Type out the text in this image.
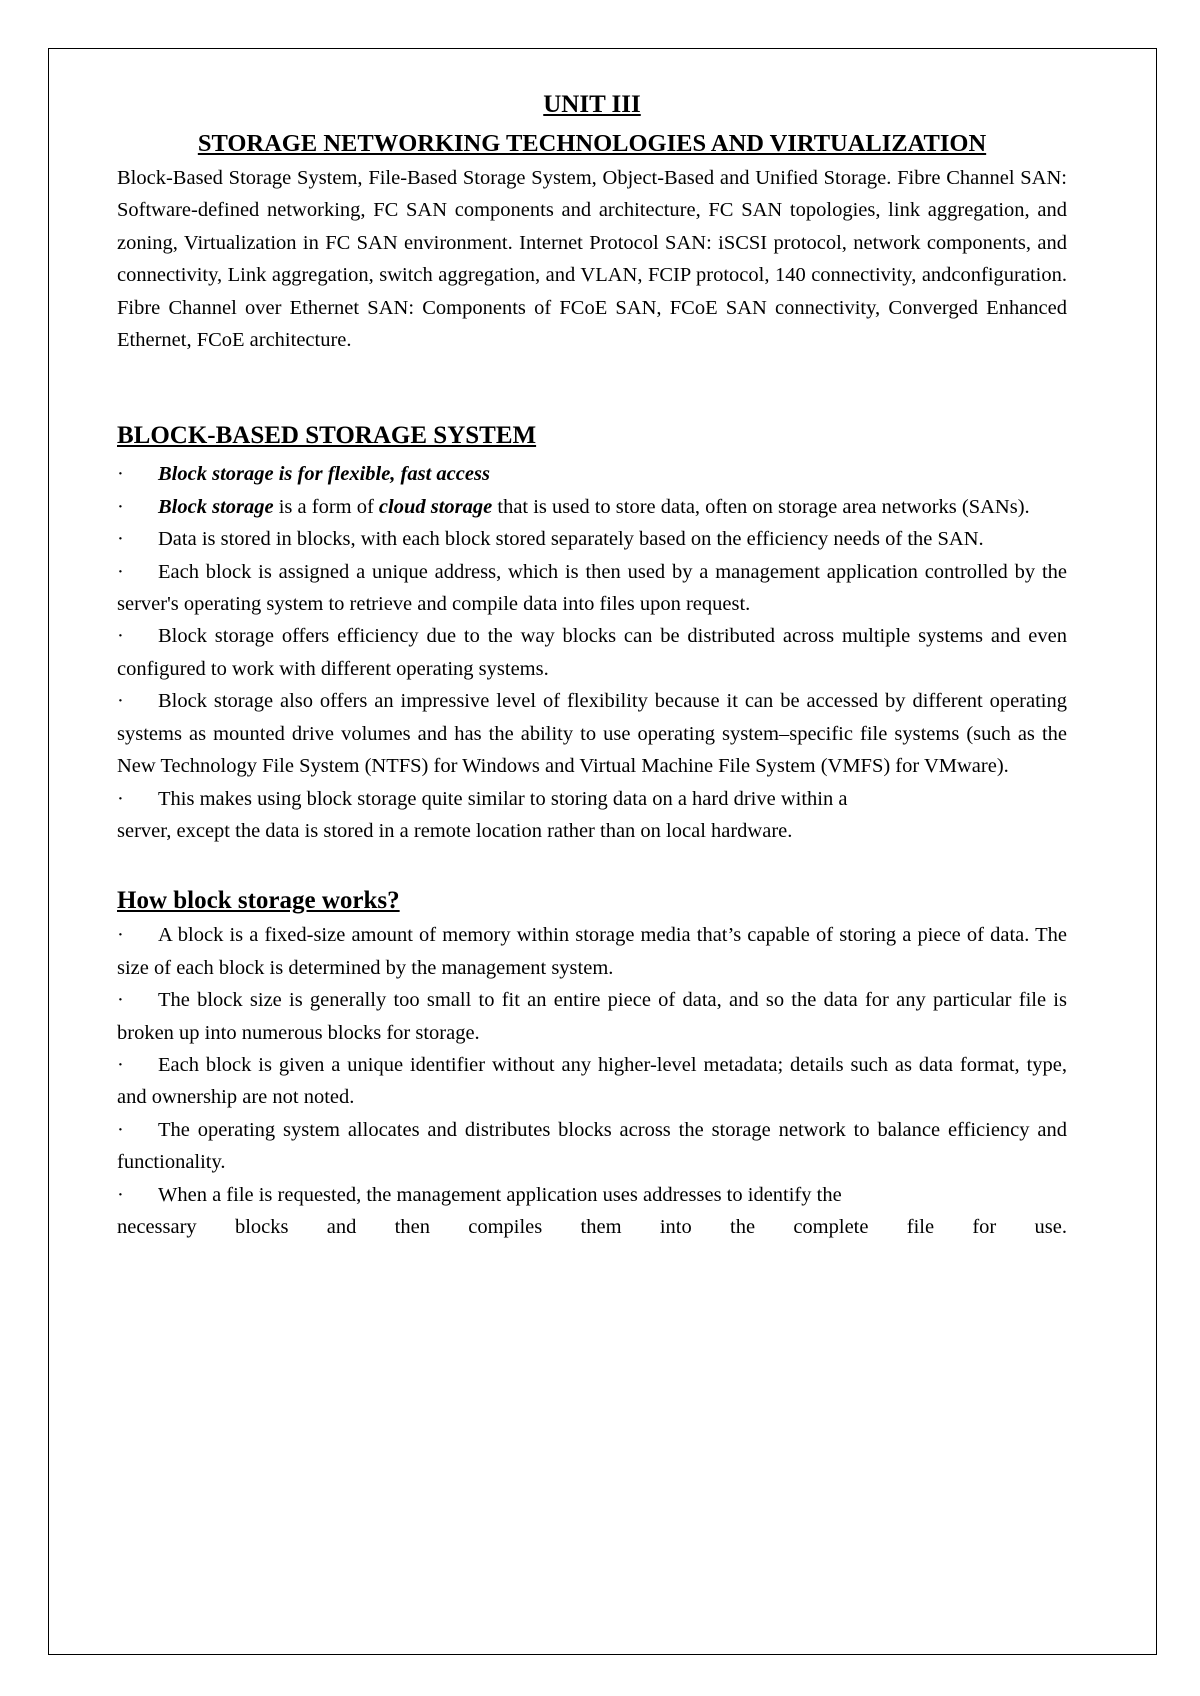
UNIT III
STORAGE NETWORKING TECHNOLOGIES AND VIRTUALIZATION

Block-Based Storage System, File-Based Storage System, Object-Based and Unified Storage. Fibre Channel SAN: Software-defined networking, FC SAN components and architecture, FC SAN topologies, link aggregation, and zoning, Virtualization in FC SAN environment. Internet Protocol SAN: iSCSI protocol, network components, and connectivity, Link aggregation, switch aggregation, and VLAN, FCIP protocol, 140 connectivity, andconfiguration. Fibre Channel over Ethernet SAN: Components of FCoE SAN, FCoE SAN connectivity, Converged Enhanced Ethernet, FCoE architecture.

BLOCK-BASED STORAGE SYSTEM
· Block storage is for flexible, fast access
· Block storage is a form of cloud storage that is used to store data, often on storage area networks (SANs).
· Data is stored in blocks, with each block stored separately based on the efficiency needs of the SAN.
· Each block is assigned a unique address, which is then used by a management application controlled by the server's operating system to retrieve and compile data into files upon request.
· Block storage offers efficiency due to the way blocks can be distributed across multiple systems and even configured to work with different operating systems.
· Block storage also offers an impressive level of flexibility because it can be accessed by different operating systems as mounted drive volumes and has the ability to use operating system–specific file systems (such as the New Technology File System (NTFS) for Windows and Virtual Machine File System (VMFS) for VMware).
· This makes using block storage quite similar to storing data on a hard drive within a
server, except the data is stored in a remote location rather than on local hardware.
How block storage works?
· A block is a fixed-size amount of memory within storage media that’s capable of storing a piece of data. The size of each block is determined by the management system.
· The block size is generally too small to fit an entire piece of data, and so the data for any particular file is broken up into numerous blocks for storage.
· Each block is given a unique identifier without any higher-level metadata; details such as data format, type, and ownership are not noted.
· The operating system allocates and distributes blocks across the storage network to balance efficiency and functionality.
· When a file is requested, the management application uses addresses to identify the
necessary blocks and then compiles them into the complete file for use.
